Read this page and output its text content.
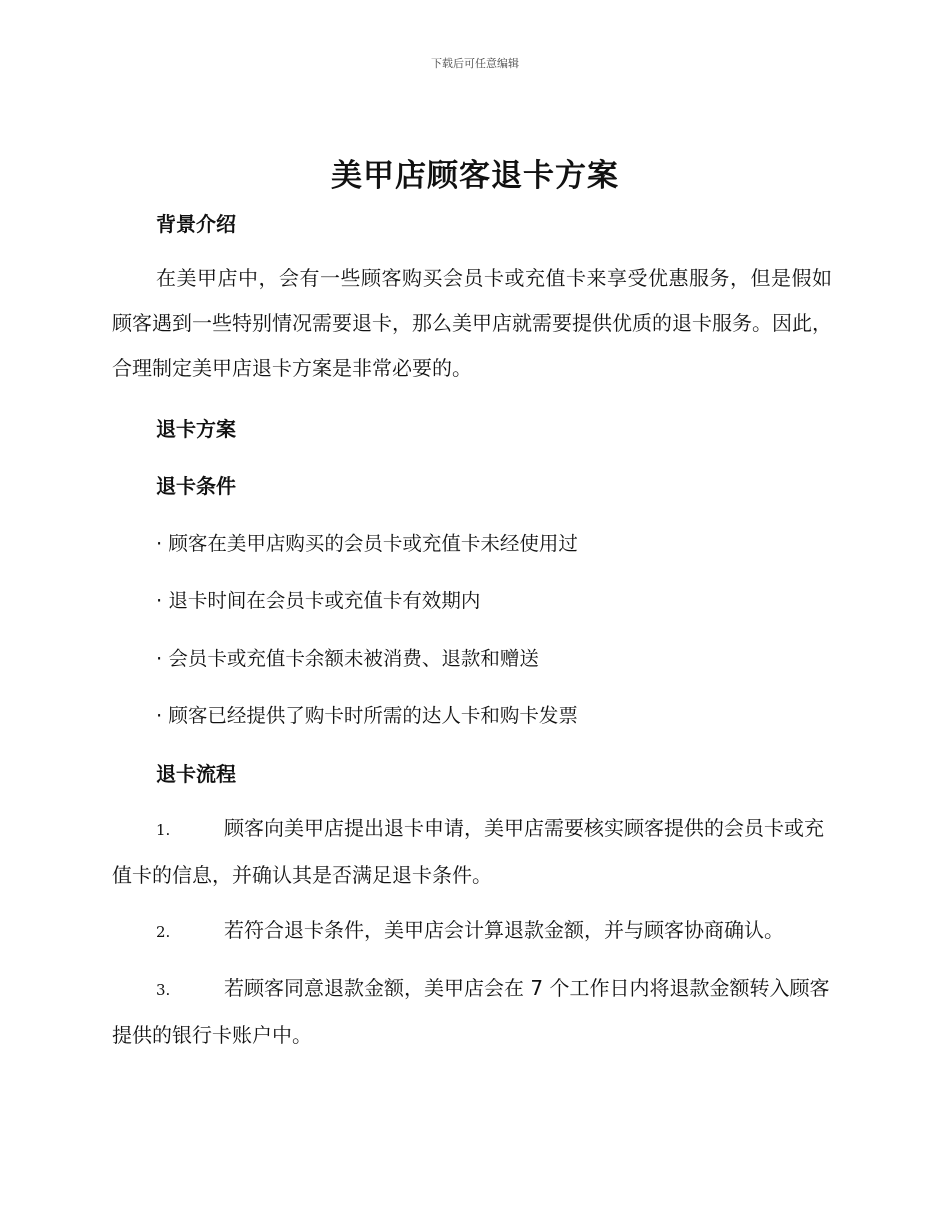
下载后可任意编辑
美甲店顾客退卡方案
背景介绍
在美甲店中，会有一些顾客购买会员卡或充值卡来享受优惠服务，但是假如顾客遇到一些特别情况需要退卡，那么美甲店就需要提供优质的退卡服务。因此，合理制定美甲店退卡方案是非常必要的。
退卡方案
退卡条件
· 顾客在美甲店购买的会员卡或充值卡未经使用过
· 退卡时间在会员卡或充值卡有效期内
· 会员卡或充值卡余额未被消费、退款和赠送
· 顾客已经提供了购卡时所需的达人卡和购卡发票
退卡流程
1.	顾客向美甲店提出退卡申请，美甲店需要核实顾客提供的会员卡或充值卡的信息，并确认其是否满足退卡条件。
2.	若符合退卡条件，美甲店会计算退款金额，并与顾客协商确认。
3.	若顾客同意退款金额，美甲店会在 7 个工作日内将退款金额转入顾客提供的银行卡账户中。
